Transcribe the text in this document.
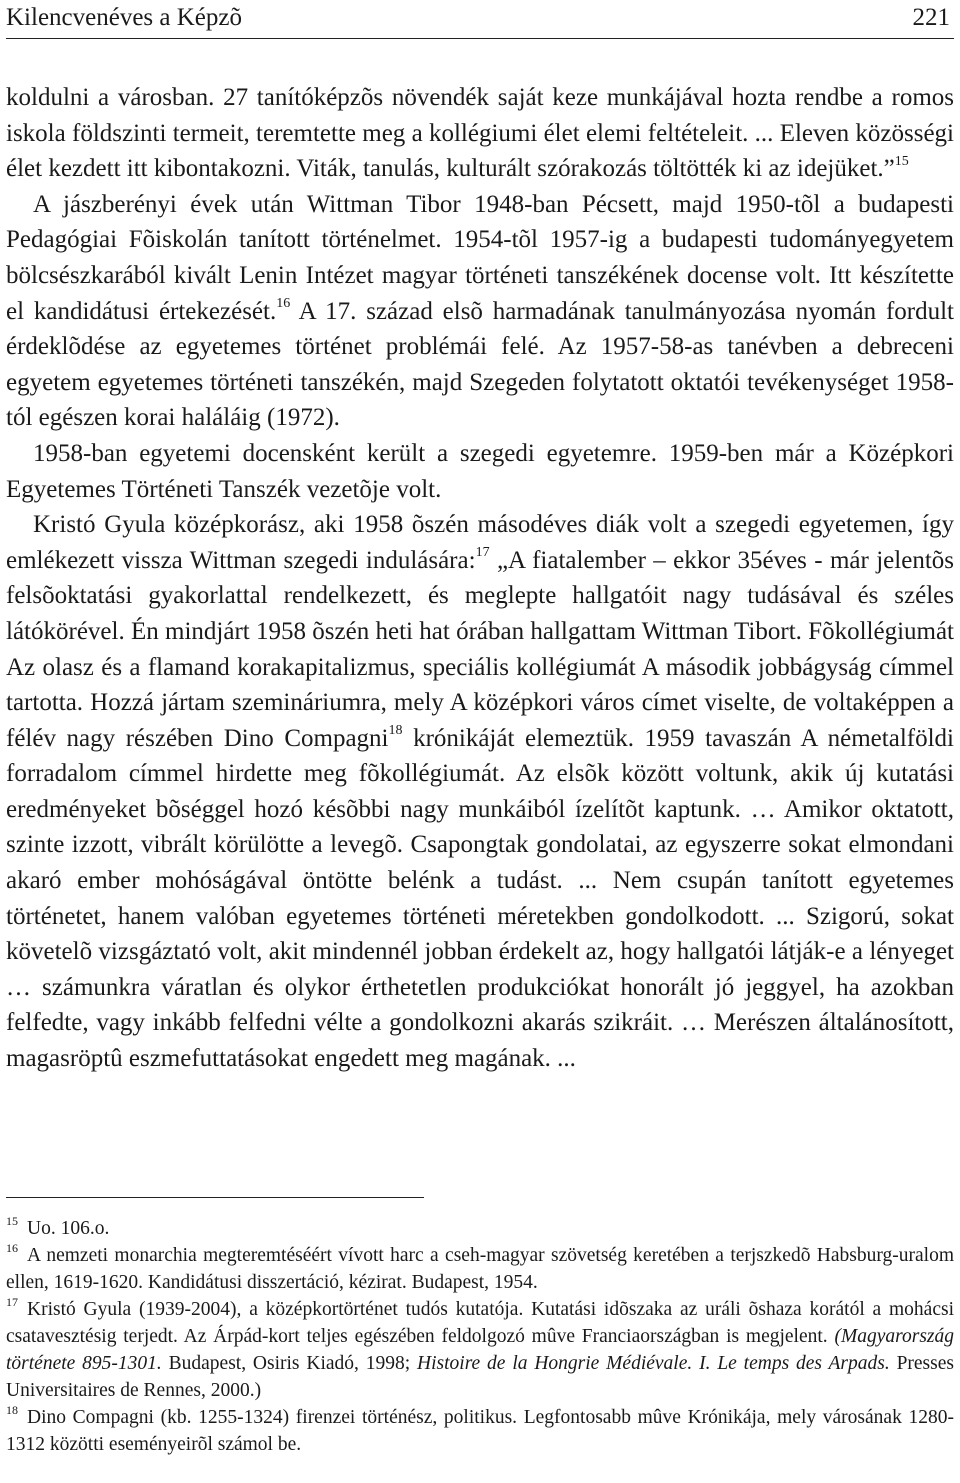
Kilencvenéves a Képzõ	221

koldulni a városban. 27 tanítóképzõs növendék saját keze munkájával hozta rendbe a romos iskola földszinti termeit, teremtette meg a kollégiumi élet elemi feltételeit. ... Eleven közösségi élet kezdett itt kibontakozni. Viták, tanulás, kulturált szórakozás töltötték ki az idejüket.”$^{15}$

A jászberényi évek után Wittman Tibor 1948-ban Pécsett, majd 1950-tõl a budapesti Pedagógiai Fõiskolán tanított történelmet. 1954-tõl 1957-ig a budapesti tudományegyetem bölcsészkarából kivált Lenin Intézet magyar történeti tanszékének docense volt. Itt készítette el kandidátusi értekezését.$^{16}$ A 17. század elsõ harmadának tanulmányozása nyomán fordult érdeklõdése az egyetemes történet problémái felé. Az 1957-58-as tanévben a debreceni egyetem egyetemes történeti tanszékén, majd Szegeden folytatott oktatói tevékenységet 1958-tól egészen korai haláláig (1972).

1958-ban egyetemi docensként került a szegedi egyetemre. 1959-ben már a Középkori Egyetemes Történeti Tanszék vezetõje volt.

Kristó Gyula középkorász, aki 1958 õszén másodéves diák volt a szegedi egyetemen, így emlékezett vissza Wittman szegedi indulására:$^{17}$ „A fiatalember – ekkor 35éves - már jelentõs felsõoktatási gyakorlattal rendelkezett, és meglepte hallgatóit nagy tudásával és széles látókörével. Én mindjárt 1958 õszén heti hat órában hallgattam Wittman Tibort. Fõkollégiumát Az olasz és a flamand korakapitalizmus, speciális kollégiumát A második jobbágyság címmel tartotta. Hozzá jártam szemináriumra, mely A középkori város címet viselte, de voltaképpen a félév nagy részében Dino Compagni$^{18}$ krónikáját elemeztük. 1959 tavaszán A németalföldi forradalom címmel hirdette meg fõkollégiumát. Az elsõk között voltunk, akik új kutatási eredményeket bõséggel hozó késõbbi nagy munkáiból ízelítõt kaptunk. … Amikor oktatott, szinte izzott, vibrált körülötte a levegõ. Csapongtak gondolatai, az egyszerre sokat elmondani akaró ember mohóságával öntötte belénk a tudást. ... Nem csupán tanított egyetemes történetet, hanem valóban egyetemes történeti méretekben gondolkodott. ... Szigorú, sokat követelõ vizsgáztató volt, akit mindennél jobban érdekelt az, hogy hallgatói látják-e a lényeget … számunkra váratlan és olykor érthetetlen produkciókat honorált jó jeggyel, ha azokban felfedte, vagy inkább felfedni vélte a gondolkozni akarás szikráit. … Merészen általánosított, magasröptû eszmefuttatásokat engedett meg magának. ...

$^{15}$ Uo. 106.o.

$^{16}$ A nemzeti monarchia megteremtéséért vívott harc a cseh-magyar szövetség keretében a terjszkedõ Habsburg-uralom ellen, 1619-1620. Kandidátusi disszertáció, kézirat. Budapest, 1954.

$^{17}$ Kristó Gyula (1939-2004), a középkortörténet tudós kutatója. Kutatási idõszaka az uráli õshaza korától a mohácsi csatavesztésig terjedt. Az Árpád-kort teljes egészében feldolgozó mûve Franciaországban is megjelent. (Magyarország története 895-1301. Budapest, Osiris Kiadó, 1998; Histoire de la Hongrie Médiévale. I. Le temps des Arpads. Presses Universitaires de Rennes, 2000.)

$^{18}$ Dino Compagni (kb. 1255-1324) firenzei történész, politikus. Legfontosabb mûve Krónikája, mely városának 1280-1312 közötti eseményeirõl számol be.
